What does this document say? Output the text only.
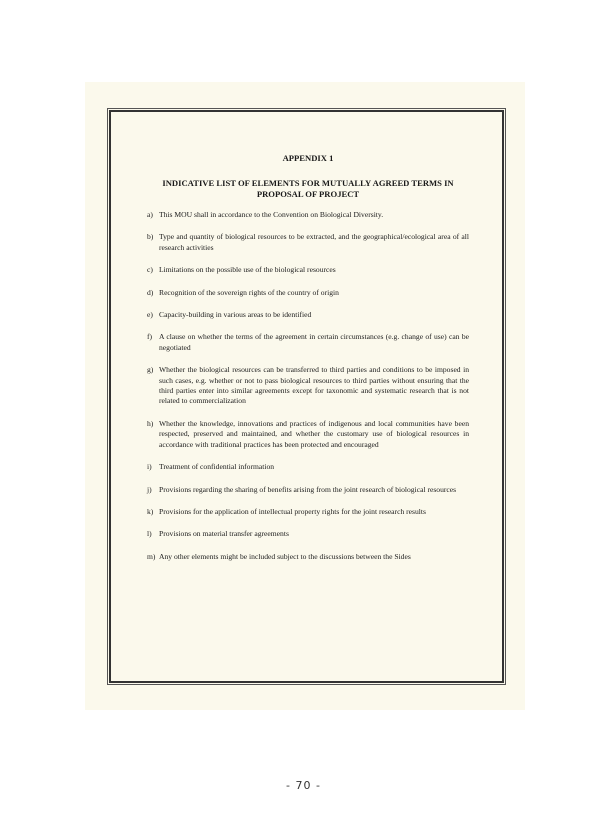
APPENDIX 1
INDICATIVE LIST OF ELEMENTS FOR MUTUALLY AGREED TERMS IN
PROPOSAL OF PROJECT
a) This MOU shall in accordance to the Convention on Biological Diversity.
b) Type and quantity of biological resources to be extracted, and the geographical/ecological area of all research activities
c) Limitations on the possible use of the biological resources
d) Recognition of the sovereign rights of the country of origin
e) Capacity-building in various areas to be identified
f) A clause on whether the terms of the agreement in certain circumstances (e.g. change of use) can be negotiated
g) Whether the biological resources can be transferred to third parties and conditions to be imposed in such cases, e.g. whether or not to pass biological resources to third parties without ensuring that the third parties enter into similar agreements except for taxonomic and systematic research that is not related to commercialization
h) Whether the knowledge, innovations and practices of indigenous and local communities have been respected, preserved and maintained, and whether the customary use of biological resources in accordance with traditional practices has been protected and encouraged
i) Treatment of confidential information
j) Provisions regarding the sharing of benefits arising from the joint research of biological resources
k) Provisions for the application of intellectual property rights for the joint research results
l) Provisions on material transfer agreements
m) Any other elements might be included subject to the discussions between the Sides
- 70 -
